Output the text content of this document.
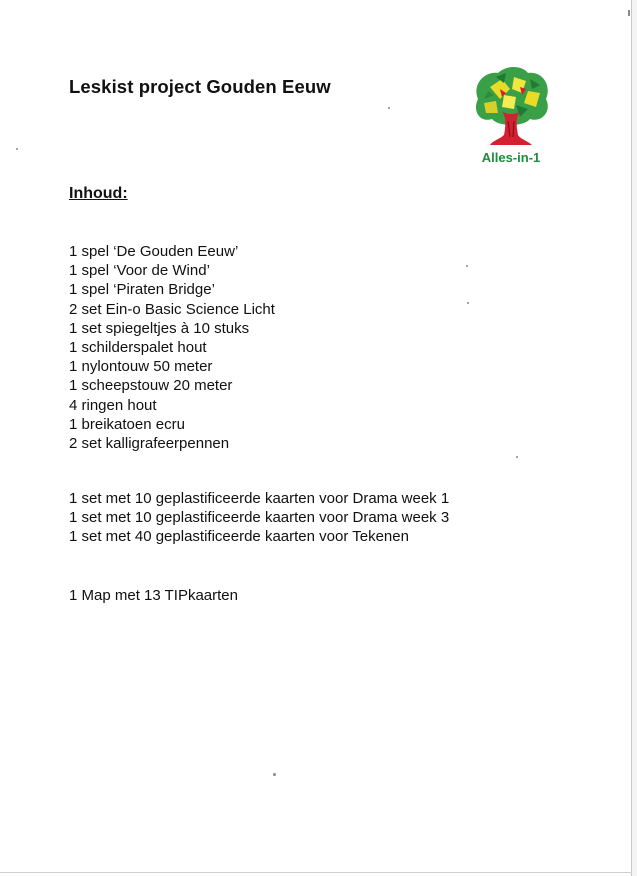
Leskist project Gouden Eeuw
Alles-in-1
Inhoud:
1 spel ‘De Gouden Eeuw’
1 spel ‘Voor de Wind’
1 spel ‘Piraten Bridge’
2 set Ein-o Basic Science Licht
1 set spiegeltjes à 10 stuks
1 schilderspalet hout
1 nylontouw 50 meter
1 scheepstouw 20 meter
4 ringen hout
1 breikatoen ecru
2 set kalligrafeerpennen
1 set met 10 geplastificeerde kaarten voor Drama week 1
1 set met 10 geplastificeerde kaarten voor Drama week 3
1 set met 40 geplastificeerde kaarten voor Tekenen
1 Map met 13 TIPkaarten
